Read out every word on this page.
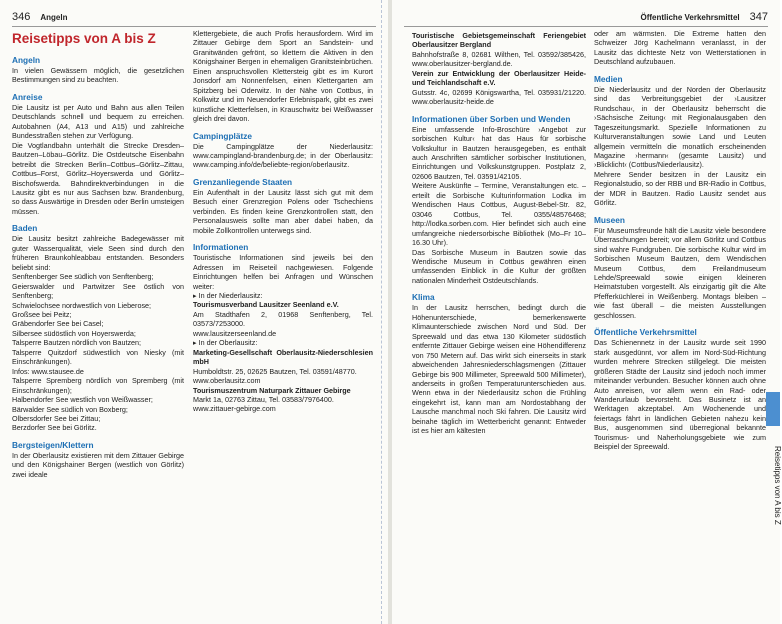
346 Angeln
Reisetipps von A bis Z
Angeln

In vielen Gewässern möglich, die gesetzlichen Bestimmungen sind zu beachten.

Anreise

Die Lausitz ist per Auto und Bahn aus allen Teilen Deutschlands schnell und bequem zu erreichen. Autobahnen (A4, A13 und A15) und zahlreiche Bundesstraßen stehen zur Verfügung.

Die Vogtlandbahn unterhält die Strecke Dresden–Bautzen–Löbau–Görlitz. Die Ostdeutsche Eisenbahn betreibt die Strecken Berlin–Cottbus–Görlitz–Zittau, Cottbus–Forst, Görlitz–Hoyerswerda und Görlitz–Bischofswerda. Bahndirektverbindungen in die Lausitz gibt es nur aus Sachsen bzw. Brandenburg, so dass Auswärtige in Dresden oder Berlin umsteigen müssen.

Baden

Die Lausitz besitzt zahlreiche Badegewässer mit guter Wasserqualität, viele Seen sind durch den früheren Braunkohleabbau entstanden. Besonders beliebt sind:

Senftenberger See südlich von Senftenberg;

Geierswalder und Partwitzer See östlich von Senftenberg;

Schwielochsee nordwestlich von Lieberose;

Großsee bei Peitz;

Gräbendorfer See bei Casel;

Silbersee südöstlich von Hoyerswerda;

Talsperre Bautzen nördlich von Bautzen;

Talsperre Quitzdorf südwestlich von Niesky (mit Einschränkungen).

Infos: www.stausee.de

Talsperre Spremberg nördlich von Spremberg (mit Einschränkungen);

Halbendorfer See westlich von Weißwasser;

Bärwalder See südlich von Boxberg;

Olbersdorfer See bei Zittau;

Berzdorfer See bei Görlitz.

Bergsteigen/Klettern

In der Oberlausitz existieren mit dem Zittauer Gebirge und den Königshainer Bergen (westlich von Görlitz) zwei ideale

Klettergebiete, die auch Profis herausfordern. Wird im Zittauer Gebirge dem Sport an Sandstein- und Granitwänden gefrönt, so klettern die Aktiven in den Königshainer Bergen in ehemaligen Granitsteinbrüchen. Einen anspruchsvollen Klettersteig gibt es im Kurort Jonsdorf am Nonnenfelsen, einen Klettergarten am Spitzberg bei Oderwitz. In der Nähe von Cottbus, in Kolkwitz und im Neuendorfer Erlebnispark, gibt es zwei künstliche Kletterfelsen, in Krauschwitz bei Weißwasser gleich drei davon.

Campingplätze

Die Campingplätze der Niederlausitz: www.campingland-brandenburg.de; in der Oberlausitz: www.camping.info/de/beliebte-region/oberlausitz.

Grenzanliegende Staaten

Ein Aufenthalt in der Lausitz lässt sich gut mit dem Besuch einer Grenzregion Polens oder Tschechiens verbinden. Es finden keine Grenzkontrollen statt, den Personalausweis sollte man aber dabei haben, da mobile Zollkontrollen unterwegs sind.

Informationen

Touristische Informationen sind jeweils bei den Adressen im Reiseteil nachgewiesen. Folgende Einrichtungen helfen bei Anfragen und Wünschen weiter:

▸ In der Niederlausitz:

Tourismusverband Lausitzer Seenland e.V.

Am Stadthafen 2, 01968 Senftenberg, Tel. 03573/7253000.

www.lausitzerseenland.de

▸ In der Oberlausitz:

Marketing-Gesellschaft Oberlausitz-Niederschlesien mbH

Humboldtstr. 25, 02625 Bautzen, Tel. 03591/48770.

www.oberlausitz.com

Tourismuszentrum Naturpark Zittauer Gebirge

Markt 1a, 02763 Zittau, Tel. 03583/7976400.

www.zittauer-gebirge.com

Öffentliche Verkehrsmittel 347

Touristische Gebietsgemeinschaft Feriengebiet Oberlausitzer Bergland

Bahnhofstraße 8, 02681 Wilthen, Tel. 03592/385426, www.oberlausitzer-bergland.de.

Verein zur Entwicklung der Oberlausitzer Heide- und Teichlandschaft e.V.

Gutsstr. 4c, 02699 Königswartha, Tel. 035931/21220. www.oberlausitz-heide.de

Informationen über Sorben und Wenden

Eine umfassende Info-Broschüre ›Angebot zur sorbischen Kultur‹ hat das Haus für sorbische Volkskultur in Bautzen herausgegeben, es enthält auch Anschriften sämtlicher sorbischer Institutionen, Einrichtungen und Volkskunstgruppen. Postplatz 2, 02606 Bautzen, Tel. 03591/42105.

Weitere Auskünfte – Termine, Veranstaltungen etc. – erteilt die Sorbische Kulturinformation Lodka im Wendischen Haus Cottbus, August-Bebel-Str. 82, 03046 Cottbus, Tel. 0355/48576468; http://lodka.sorben.com. Hier befindet sich auch eine umfangreiche niedersorbische Bibliothek (Mo–Fr 10–16.30 Uhr).

Das Sorbische Museum in Bautzen sowie das Wendische Museum in Cottbus gewähren einen umfassenden Einblick in die Kultur der größten nationalen Minderheit Ostdeutschlands.

Klima

In der Lausitz herrschen, bedingt durch die Höhenunterschiede, bemerkenswerte Klimaunterschiede zwischen Nord und Süd. Der Spreewald und das etwa 130 Kilometer südöstlich entfernte Zittauer Gebirge weisen eine Höhendifferenz von 750 Metern auf. Das wirkt sich einerseits in stark abweichenden Jahresniederschlagsmengen (Zittauer Gebirge bis 900 Millimeter, Spreewald 500 Millimeter), anderseits in großen Temperaturunterschieden aus. Wenn etwa in der Niederlausitz schon die Frühling eingekehrt ist, kann man am Nordostabhang der Lausche manchmal noch Ski fahren. Die Lausitz wird beinahe täglich im Wetterbericht genannt: Entweder ist es hier am kältesten

oder am wärmsten. Die Extreme hatten den Schweizer Jörg Kachelmann veranlasst, in der Lausitz das dichteste Netz von Wetterstationen in Deutschland aufzubauen.

Medien

Die Niederlausitz und der Norden der Oberlausitz sind das Verbreitungsgebiet der ›Lausitzer Rundschau‹, in der Oberlausitz beherrscht die ›Sächsische Zeitung‹ mit Regionalausgaben den Tageszeitungsmarkt. Spezielle Informationen zu Kulturveranstaltungen sowie Land und Leuten allgemein vermitteln die monatlich erscheinenden Magazine ›hermann‹ (gesamte Lausitz) und ›Blicklicht‹ (Cottbus/Niederlausitz).

Mehrere Sender besitzen in der Lausitz ein Regionalstudio, so der RBB und BR-Radio in Cottbus, der MDR in Bautzen. Radio Lausitz sendet aus Görlitz.

Museen

Für Museumsfreunde hält die Lausitz viele besondere Überraschungen bereit; vor allem Görlitz und Cottbus sind wahre Fundgruben. Die sorbische Kultur wird im Sorbischen Museum Bautzen, dem Wendischen Museum Cottbus, dem Freilandmuseum Lehde/Spreewald sowie einigen kleineren Heimatstuben vorgestellt. Als einzigartig gilt die Alte Pfefferküchlerei in Weißenberg. Montags bleiben – wie fast überall – die meisten Ausstellungen geschlossen.

Öffentliche Verkehrsmittel

Das Schienennetz in der Lausitz wurde seit 1990 stark ausgedünnt, vor allem im Nord-Süd-Richtung wurden mehrere Strecken stillgelegt. Die meisten größeren Städte der Lausitz sind jedoch noch immer miteinander verbunden. Besucher können auch ohne Auto anreisen, vor allem wenn ein Rad- oder Wanderurlaub bevorsteht. Das Businetz ist an Werktagen akzeptabel. Am Wochenende und feiertags fährt in ländlichen Gebieten nahezu kein Bus, ausgenommen sind überregional bekannte Tourismus- und Naherholungsgebiete wie zum Beispiel der Spreewald.	Reisetipps von A bis Z
